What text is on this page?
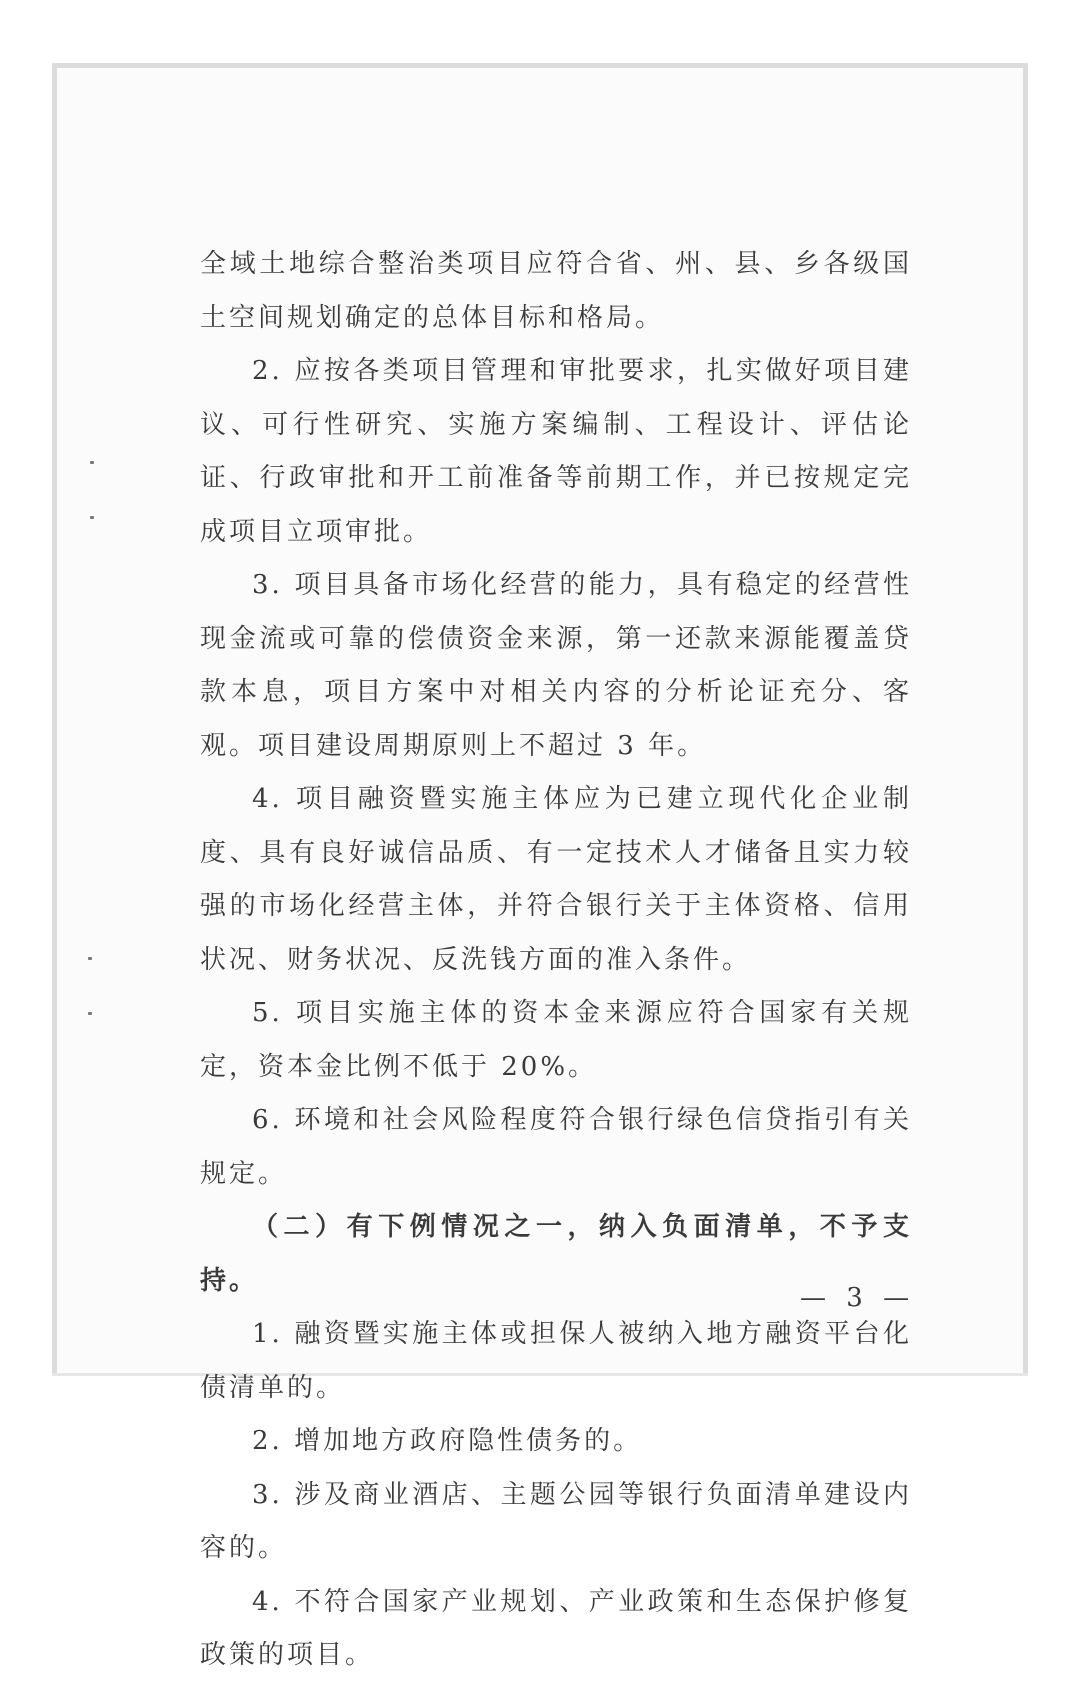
全域土地综合整治类项目应符合省、州、县、乡各级国土空间规划确定的总体目标和格局。

2. 应按各类项目管理和审批要求，扎实做好项目建议、可行性研究、实施方案编制、工程设计、评估论证、行政审批和开工前准备等前期工作，并已按规定完成项目立项审批。

3. 项目具备市场化经营的能力，具有稳定的经营性现金流或可靠的偿债资金来源，第一还款来源能覆盖贷款本息，项目方案中对相关内容的分析论证充分、客观。项目建设周期原则上不超过 3 年。

4. 项目融资暨实施主体应为已建立现代化企业制度、具有良好诚信品质、有一定技术人才储备且实力较强的市场化经营主体，并符合银行关于主体资格、信用状况、财务状况、反洗钱方面的准入条件。

5. 项目实施主体的资本金来源应符合国家有关规定，资本金比例不低于 20%。

6. 环境和社会风险程度符合银行绿色信贷指引有关规定。

（二）有下例情况之一，纳入负面清单，不予支持。

1. 融资暨实施主体或担保人被纳入地方融资平台化债清单的。

2. 增加地方政府隐性债务的。

3. 涉及商业酒店、主题公园等银行负面清单建设内容的。

4. 不符合国家产业规划、产业政策和生态保护修复政策的项目。

— 3 —
